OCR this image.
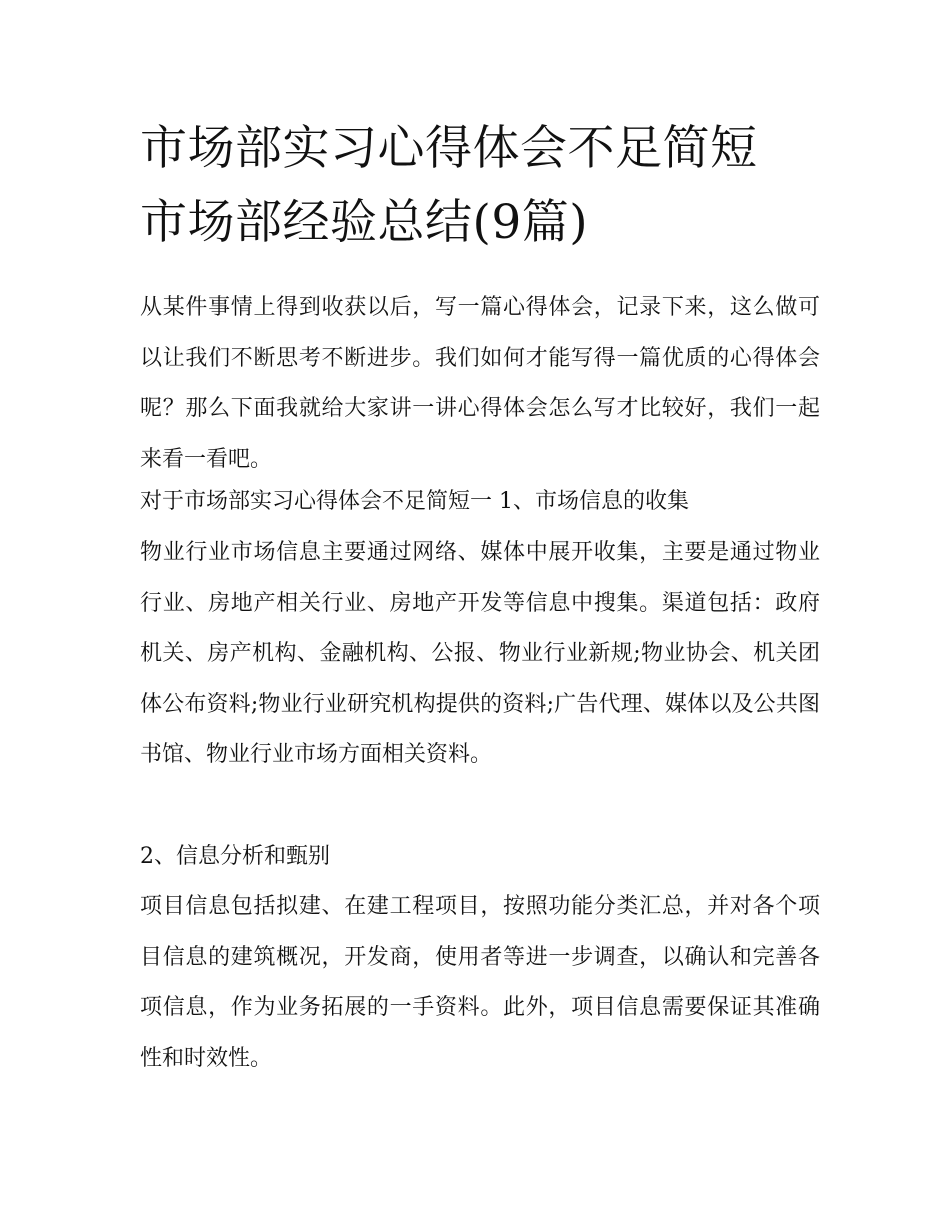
市场部实习心得体会不足简短
市场部经验总结(9篇)

从某件事情上得到收获以后，写一篇心得体会，记录下来，这么做可以让我们不断思考不断进步。我们如何才能写得一篇优质的心得体会呢？那么下面我就给大家讲一讲心得体会怎么写才比较好，我们一起来看一看吧。

对于市场部实习心得体会不足简短一 1、市场信息的收集

物业行业市场信息主要通过网络、媒体中展开收集，主要是通过物业行业、房地产相关行业、房地产开发等信息中搜集。渠道包括：政府机关、房产机构、金融机构、公报、物业行业新规;物业协会、机关团体公布资料;物业行业研究机构提供的资料;广告代理、媒体以及公共图书馆、物业行业市场方面相关资料。

2、信息分析和甄别

项目信息包括拟建、在建工程项目，按照功能分类汇总，并对各个项目信息的建筑概况，开发商，使用者等进一步调查，以确认和完善各项信息，作为业务拓展的一手资料。此外，项目信息需要保证其准确性和时效性。
